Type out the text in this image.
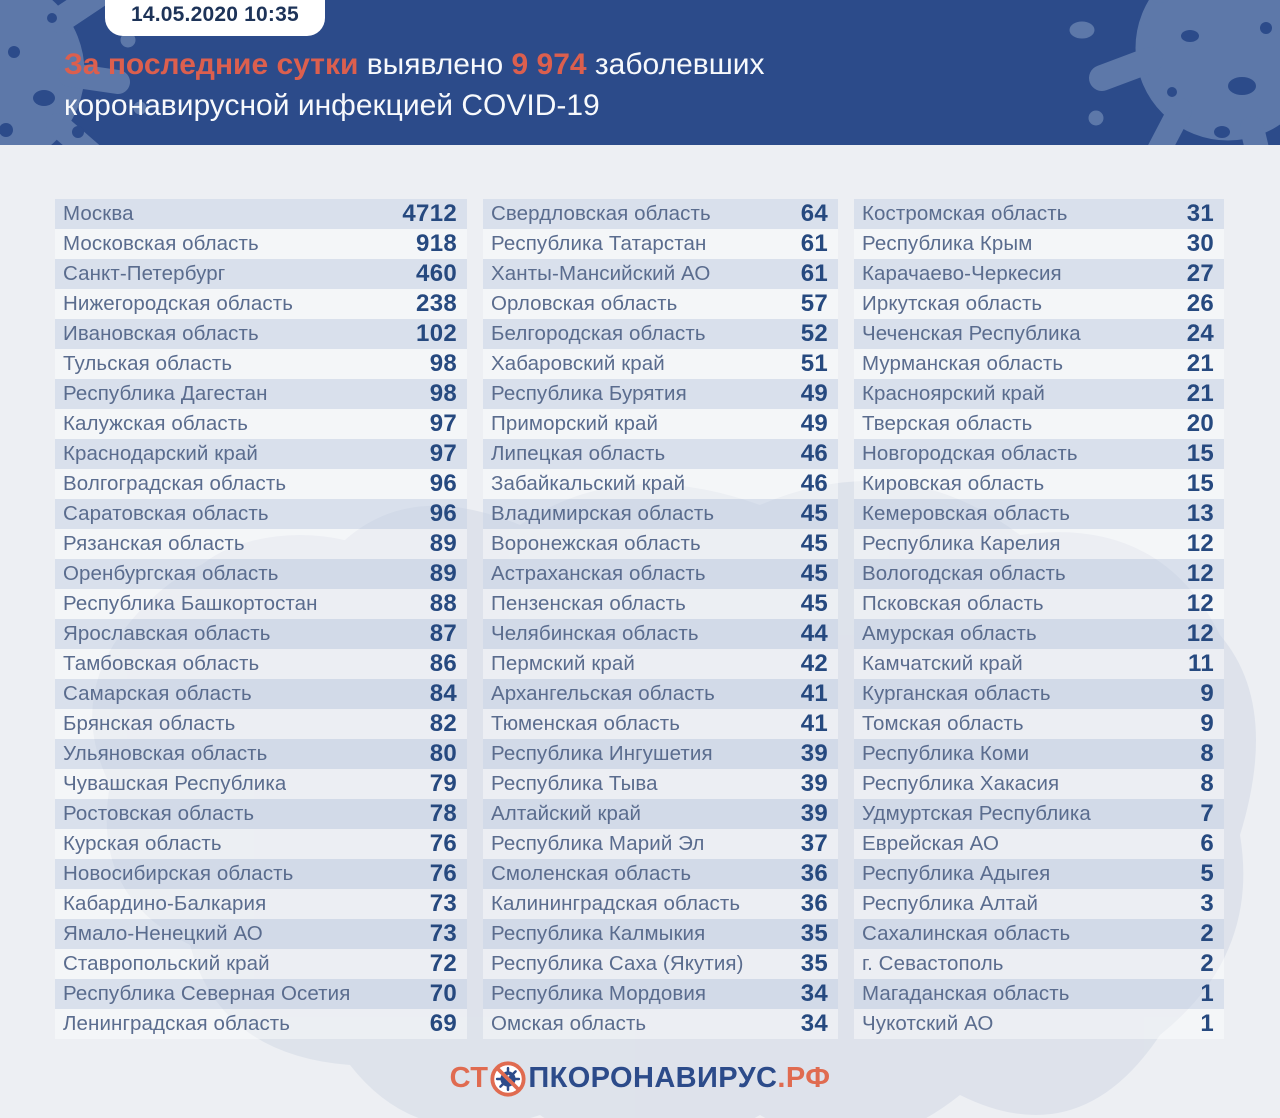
14.05.2020 10:35
За последние сутки выявлено 9 974 заболевших
коронавирусной инфекцией COVID-19
Москва	4712
Московская область	918
Санкт-Петербург	460
Нижегородская область	238
Ивановская область	102
Тульская область	98
Республика Дагестан	98
Калужская область	97
Краснодарский край	97
Волгоградская область	96
Саратовская область	96
Рязанская область	89
Оренбургская область	89
Республика Башкортостан	88
Ярославская область	87
Тамбовская область	86
Самарская область	84
Брянская область	82
Ульяновская область	80
Чувашская Республика	79
Ростовская область	78
Курская область	76
Новосибирская область	76
Кабардино-Балкария	73
Ямало-Ненецкий АО	73
Ставропольский край	72
Республика Северная Осетия	70
Ленинградская область	69
Свердловская область	64
Республика Татарстан	61
Ханты-Мансийский АО	61
Орловская область	57
Белгородская область	52
Хабаровский край	51
Республика Бурятия	49
Приморский край	49
Липецкая область	46
Забайкальский край	46
Владимирская область	45
Воронежская область	45
Астраханская область	45
Пензенская область	45
Челябинская область	44
Пермский край	42
Архангельская область	41
Тюменская область	41
Республика Ингушетия	39
Республика Тыва	39
Алтайский край	39
Республика Марий Эл	37
Смоленская область	36
Калининградская область	36
Республика Калмыкия	35
Республика Саха (Якутия) 35
Республика Мордовия	34
Омская область	34
Костромская область	31
Республика Крым	30
Карачаево-Черкесия	27
Иркутская область	26
Чеченская Республика	24
Мурманская область	21
Красноярский край	21
Тверская область	20
Новгородская область	15
Кировская область	15
Кемеровская область	13
Республика Карелия	12
Вологодская область	12
Псковская область	12
Амурская область	12
Камчатский край	11
Курганская область	9
Томская область	9
Республика Коми	8
Республика Хакасия	8
Удмуртская Республика	7
Еврейская АО	6
Республика Адыгея	5
Республика Алтай	3
Сахалинская область	2
г. Севастополь	2
Магаданская область	1
Чукотский АО	1
СТ ПКОРОНАВИРУС .РФ
